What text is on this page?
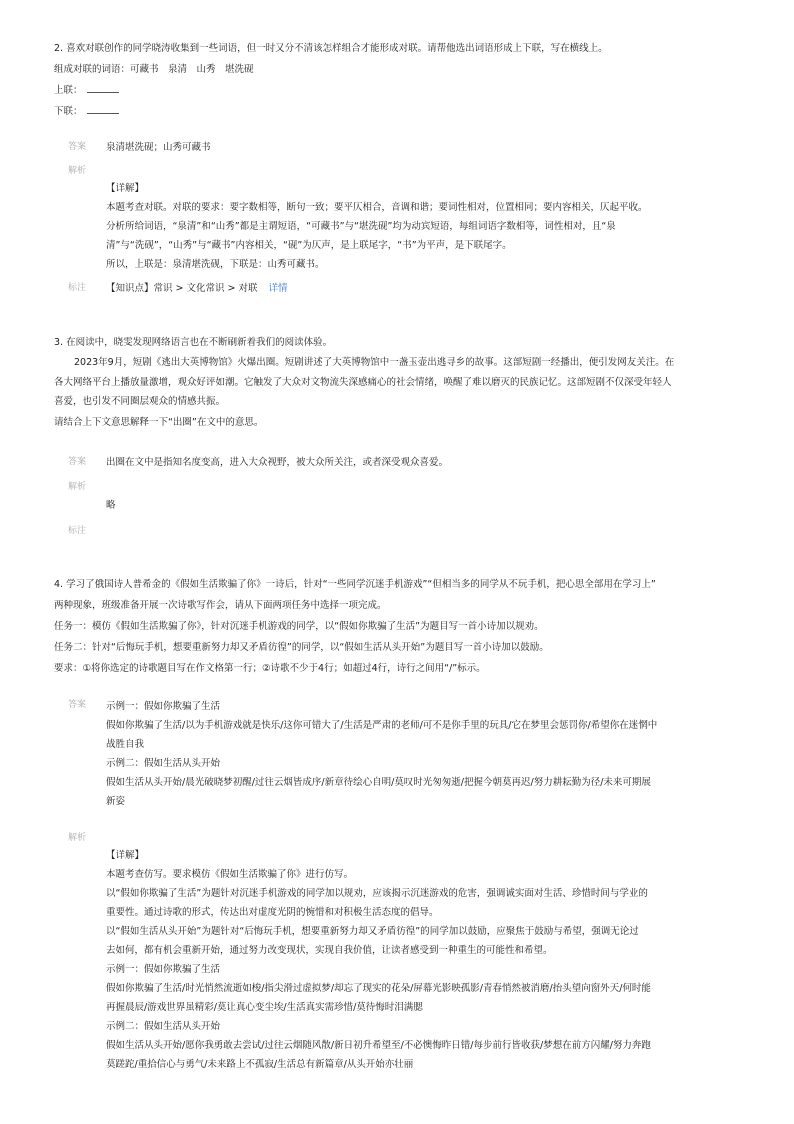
2. 喜欢对联创作的同学晓涛收集到一些词语，但一时又分不清该怎样组合才能形成对联。请帮他选出词语形成上下联，写在横线上。
组成对联的词语：可藏书　泉清　山秀　堪洗砚
上联：
下联：
答案	泉清堪洗砚；山秀可藏书
解析
【详解】
本题考查对联。对联的要求：要字数相等，断句一致；要平仄相合，音调和谐；要词性相对，位置相同；要内容相关，仄起平收。
分析所给词语，“泉清”和“山秀”都是主谓短语，“可藏书”与“堪洗砚”均为动宾短语，每组词语字数相等，词性相对，且“泉
清”与“洗砚”，“山秀”与“藏书”内容相关，“砚”为仄声，是上联尾字，“书”为平声，是下联尾字。
所以，上联是：泉清堪洗砚，下联是：山秀可藏书。
标注	【知识点】常识 > 文化常识 > 对联 详情
3. 在阅读中，晓雯发现网络语言也在不断刷新着我们的阅读体验。
2023年9月，短剧《逃出大英博物馆》火爆出圈。短剧讲述了大英博物馆中一盏玉壶出逃寻乡的故事。这部短剧一经播出，便引发网友关注。在
各大网络平台上播放量激增，观众好评如潮。它触发了大众对文物流失深感痛心的社会情绪，唤醒了难以磨灭的民族记忆。这部短剧不仅深受年轻人
喜爱，也引发不同圈层观众的情感共振。
请结合上下文意思解释一下“出圈”在文中的意思。
答案	出圈在文中是指知名度变高，进入大众视野，被大众所关注，或者深受观众喜爱。
解析
略
标注
4. 学习了俄国诗人普希金的《假如生活欺骗了你》一诗后，针对“一些同学沉迷手机游戏”“但相当多的同学从不玩手机，把心思全部用在学习上”
两种现象，班级准备开展一次诗歌写作会，请从下面两项任务中选择一项完成。
任务一：模仿《假如生活欺骗了你》，针对沉迷手机游戏的同学，以“假如你欺骗了生活”为题目写一首小诗加以规劝。
任务二：针对“后悔玩手机，想要重新努力却又矛盾彷徨”的同学，以“假如生活从头开始”为题目写一首小诗加以鼓励。
要求：①将你选定的诗歌题目写在作文格第一行；②诗歌不少于4行；如超过4行，诗行之间用“/”标示。
答案	示例一：假如你欺骗了生活
假如你欺骗了生活/以为手机游戏就是快乐/这你可错大了/生活是严肃的老师/可不是你手里的玩具/它在梦里会惩罚你/希望你在迷惘中
战胜自我
示例二：假如生活从头开始
假如生活从头开始/晨光破晓梦初醒/过往云烟皆成序/新章待绘心自明/莫叹时光匆匆逝/把握今朝莫再迟/努力耕耘勤为径/未来可期展
新姿
解析
【详解】
本题考查仿写。要求模仿《假如生活欺骗了你》进行仿写。
以“假如你欺骗了生活”为题针对沉迷手机游戏的同学加以规劝，应该揭示沉迷游戏的危害，强调诚实面对生活、珍惜时间与学业的
重要性。通过诗歌的形式，传达出对虚度光阴的惋惜和对积极生活态度的倡导。
以“假如生活从头开始”为题针对“后悔玩手机，想要重新努力却又矛盾彷徨”的同学加以鼓励，应聚焦于鼓励与希望，强调无论过
去如何，都有机会重新开始，通过努力改变现状，实现自我价值，让读者感受到一种重生的可能性和希望。
示例一：假如你欺骗了生活
假如你欺骗了生活/时光悄然流逝如梭/指尖滑过虚拟梦/却忘了现实的花朵/屏幕光影映孤影/青春悄然被消磨/抬头望向窗外天/何时能
再握晨辰/游戏世界虽精彩/莫让真心变尘埃/生活真实需珍惜/莫待悔时泪满腮
示例二：假如生活从头开始
假如生活从头开始/愿你我勇敢去尝试/过往云烟随风散/新日初升希望至/不必懊悔昨日错/每步前行皆收获/梦想在前方闪耀/努力奔跑
莫蹉跎/重拾信心与勇气/未来路上不孤寂/生活总有新篇章/从头开始亦壮丽
